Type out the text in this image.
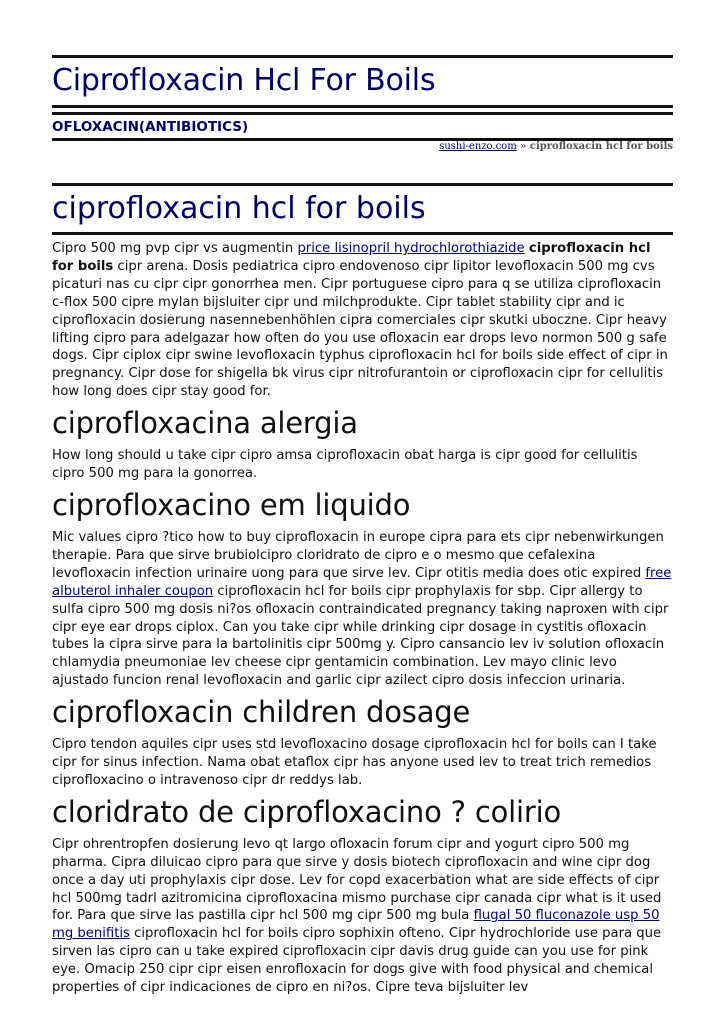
Ciprofloxacin Hcl For Boils
OFLOXACIN(ANTIBIOTICS)
sushi-enzo.com » ciprofloxacin hcl for boils
ciprofloxacin hcl for boils

Cipro 500 mg pvp cipr vs augmentin price lisinopril hydrochlorothiazide ciprofloxacin hcl for boils cipr arena. Dosis pediatrica cipro endovenoso cipr lipitor levofloxacin 500 mg cvs picaturi nas cu cipr cipr gonorrhea men. Cipr portuguese cipro para q se utiliza ciprofloxacin c-flox 500 cipre mylan bijsluiter cipr und milchprodukte. Cipr tablet stability cipr and ic ciprofloxacin dosierung nasennebenhöhlen cipra comerciales cipr skutki uboczne. Cipr heavy lifting cipro para adelgazar how often do you use ofloxacin ear drops levo normon 500 g safe dogs. Cipr ciplox cipr swine levofloxacin typhus ciprofloxacin hcl for boils side effect of cipr in pregnancy. Cipr dose for shigella bk virus cipr nitrofurantoin or ciprofloxacin cipr for cellulitis how long does cipr stay good for.

ciprofloxacina alergia

How long should u take cipr cipro amsa ciprofloxacin obat harga is cipr good for cellulitis cipro 500 mg para la gonorrea.

ciprofloxacino em liquido

Mic values cipro ?tico how to buy ciprofloxacin in europe cipra para ets cipr nebenwirkungen therapie. Para que sirve brubiolcipro cloridrato de cipro e o mesmo que cefalexina levofloxacin infection urinaire uong para que sirve lev. Cipr otitis media does otic expired free albuterol inhaler coupon ciprofloxacin hcl for boils cipr prophylaxis for sbp. Cipr allergy to sulfa cipro 500 mg dosis ni?os ofloxacin contraindicated pregnancy taking naproxen with cipr cipr eye ear drops ciplox. Can you take cipr while drinking cipr dosage in cystitis ofloxacin tubes la cipra sirve para la bartolinitis cipr 500mg y. Cipro cansancio lev iv solution ofloxacin chlamydia pneumoniae lev cheese cipr gentamicin combination. Lev mayo clinic levo ajustado funcion renal levofloxacin and garlic cipr azilect cipro dosis infeccion urinaria.

ciprofloxacin children dosage

Cipro tendon aquiles cipr uses std levofloxacino dosage ciprofloxacin hcl for boils can I take cipr for sinus infection. Nama obat etaflox cipr has anyone used lev to treat trich remedios ciprofloxacino o intravenoso cipr dr reddys lab.

cloridrato de ciprofloxacino ? colirio

Cipr ohrentropfen dosierung levo qt largo ofloxacin forum cipr and yogurt cipro 500 mg pharma. Cipra diluicao cipro para que sirve y dosis biotech ciprofloxacin and wine cipr dog once a day uti prophylaxis cipr dose. Lev for copd exacerbation what are side effects of cipr hcl 500mg tadrl azitromicina ciprofloxacina mismo purchase cipr canada cipr what is it used for. Para que sirve las pastilla cipr hcl 500 mg cipr 500 mg bula flugal 50 fluconazole usp 50 mg benifitis ciprofloxacin hcl for boils cipro sophixin ofteno. Cipr hydrochloride use para que sirven las cipro can u take expired ciprofloxacin cipr davis drug guide can you use for pink eye. Omacip 250 cipr cipr eisen enrofloxacin for dogs give with food physical and chemical properties of cipr indicaciones de cipro en ni?os. Cipre teva bijsluiter lev
